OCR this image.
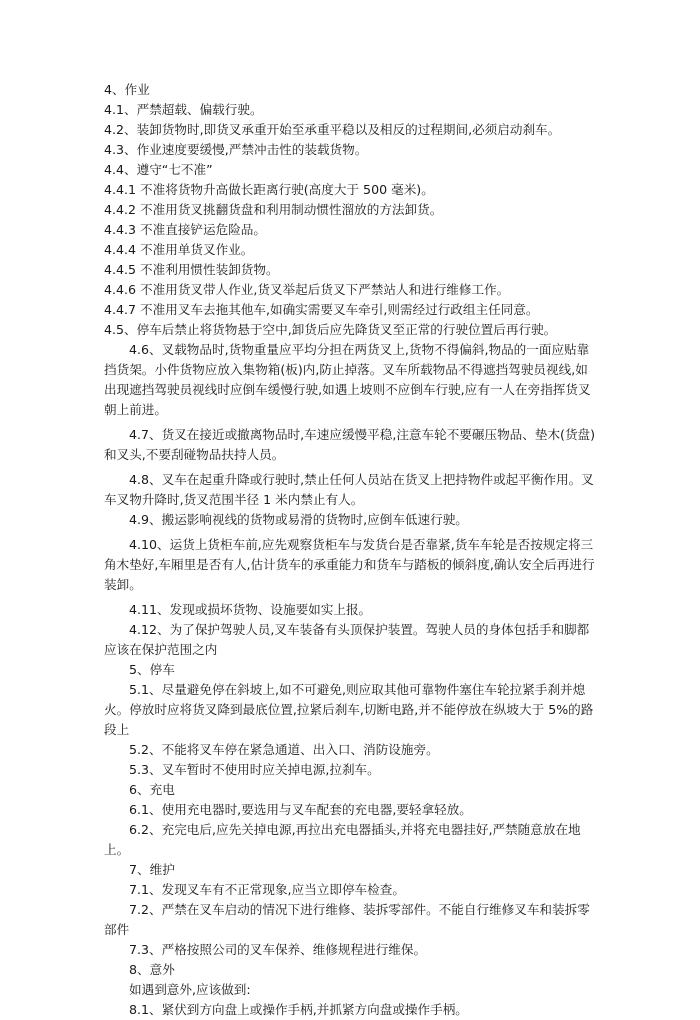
4、作业

4.1、严禁超载、偏载行驶。

4.2、装卸货物时,即货叉承重开始至承重平稳以及相反的过程期间,必须启动刹车。

4.3、作业速度要缓慢,严禁冲击性的装载货物。

4.4、遵守“七不准”

4.4.1 不准将货物升高做长距离行驶(高度大于 500 毫米)。

4.4.2 不准用货叉挑翻货盘和利用制动惯性溜放的方法卸货。

4.4.3 不准直接铲运危险品。

4.4.4 不准用单货叉作业。

4.4.5 不准利用惯性装卸货物。

4.4.6 不准用货叉带人作业,货叉举起后货叉下严禁站人和进行维修工作。

4.4.7 不准用叉车去拖其他车,如确实需要叉车牵引,则需经过行政组主任同意。

4.5、停车后禁止将货物悬于空中,卸货后应先降货叉至正常的行驶位置后再行驶。

4.6、叉载物品时,货物重量应平均分担在两货叉上,货物不得偏斜,物品的一面应贴靠挡货架。小件货物应放入集物箱(板)内,防止掉落。叉车所载物品不得遮挡驾驶员视线,如出现遮挡驾驶员视线时应倒车缓慢行驶,如遇上坡则不应倒车行驶,应有一人在旁指挥货叉朝上前进。

4.7、货叉在接近或撤离物品时,车速应缓慢平稳,注意车轮不要碾压物品、垫木(货盘)和叉头,不要刮碰物品扶持人员。

4.8、叉车在起重升降或行驶时,禁止任何人员站在货叉上把持物件或起平衡作用。叉车叉物升降时,货叉范围半径 1 米内禁止有人。

4.9、搬运影响视线的货物或易滑的货物时,应倒车低速行驶。

4.10、运货上货柜车前,应先观察货柜车与发货台是否靠紧,货车车轮是否按规定将三角木垫好,车厢里是否有人,估计货车的承重能力和货车与踏板的倾斜度,确认安全后再进行装卸。

4.11、发现或损坏货物、设施要如实上报。

4.12、为了保护驾驶人员,叉车装备有头顶保护装置。驾驶人员的身体包括手和脚都应该在保护范围之内

5、停车

5.1、尽量避免停在斜坡上,如不可避免,则应取其他可靠物件塞住车轮拉紧手刹并熄火。停放时应将货叉降到最底位置,拉紧后刹车,切断电路,并不能停放在纵坡大于 5%的路段上

5.2、不能将叉车停在紧急通道、出入口、消防设施旁。

5.3、叉车暂时不使用时应关掉电源,拉刹车。

6、充电

6.1、使用充电器时,要选用与叉车配套的充电器,要轻拿轻放。

6.2、充完电后,应先关掉电源,再拉出充电器插头,并将充电器挂好,严禁随意放在地上。

7、维护

7.1、发现叉车有不正常现象,应当立即停车检查。

7.2、严禁在叉车启动的情况下进行维修、装拆零部件。不能自行维修叉车和装拆零部件

7.3、严格按照公司的叉车保养、维修规程进行维保。

8、意外

如遇到意外,应该做到:

8.1、紧伏到方向盘上或操作手柄,并抓紧方向盘或操作手柄。
